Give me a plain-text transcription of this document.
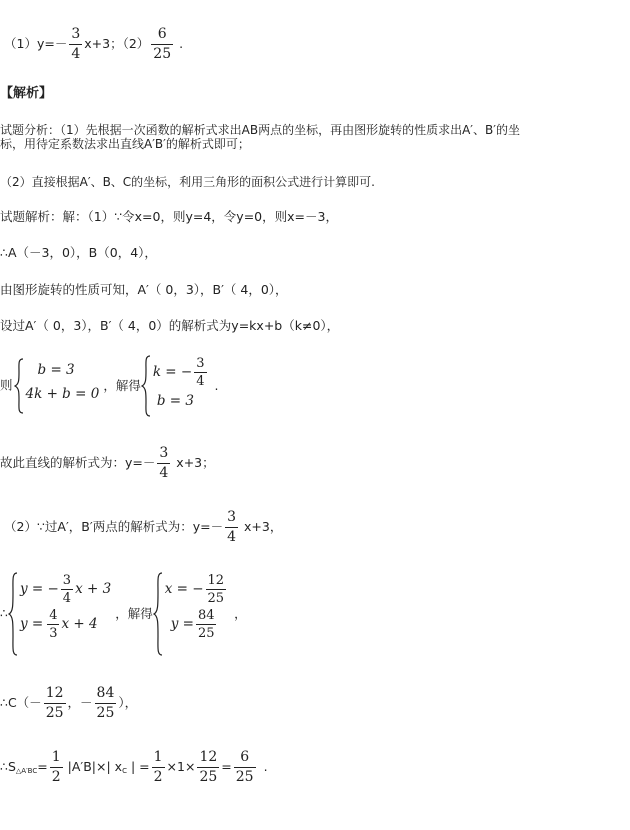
$(1)y=- \frac{3}{4} x+3$；$(2) \frac{6}{25}$ .
【解析】
试题分析：（1）先根据一次函数的解析式求出AB两点的坐标，再由图形旋转的性质求出A′、B′的坐
标，用待定系数法求出直线A′B′的解析式即可；
（2）直接根据A′、B、C的坐标，利用三角形的面积公式进行计算即可.
试题解析：解：（1）∵令x=0，则y=4，令y=0，则x=－3，
∴A（－3，0），B（0，4），
由图形旋转的性质可知，A′（ 0，3），B′（ 4，0），
设过A′（ 0，3），B′（ 4，0）的解析式为y=kx+b（k≠0），
则
b = 3
4k + b = 0
，解得
k = − $\frac{3}{4}$
b = 3
.
故此直线的解析式为：$y=- \frac{3}{4} x+3$；
（2）∵过A′，B′两点的解析式为：$y=- \frac{3}{4} x+3$，
∴
y = − $\frac{3}{4}$ x + 3
$y = \frac{4}{3}$ x + 4
，解得
x = − $\frac{12}{25}$
$y = \frac{84}{25}$ ，
∴C（－ $\frac{12}{25}$ ，－ $\frac{84}{25}$ ），
$\therefore S_{\triangle A'BC}= \frac{1}{2} |A'B|\times|$ $x_C$ | = $\frac{1}{2} \times 1\times \frac{12}{25} = \frac{6}{25}$ .
